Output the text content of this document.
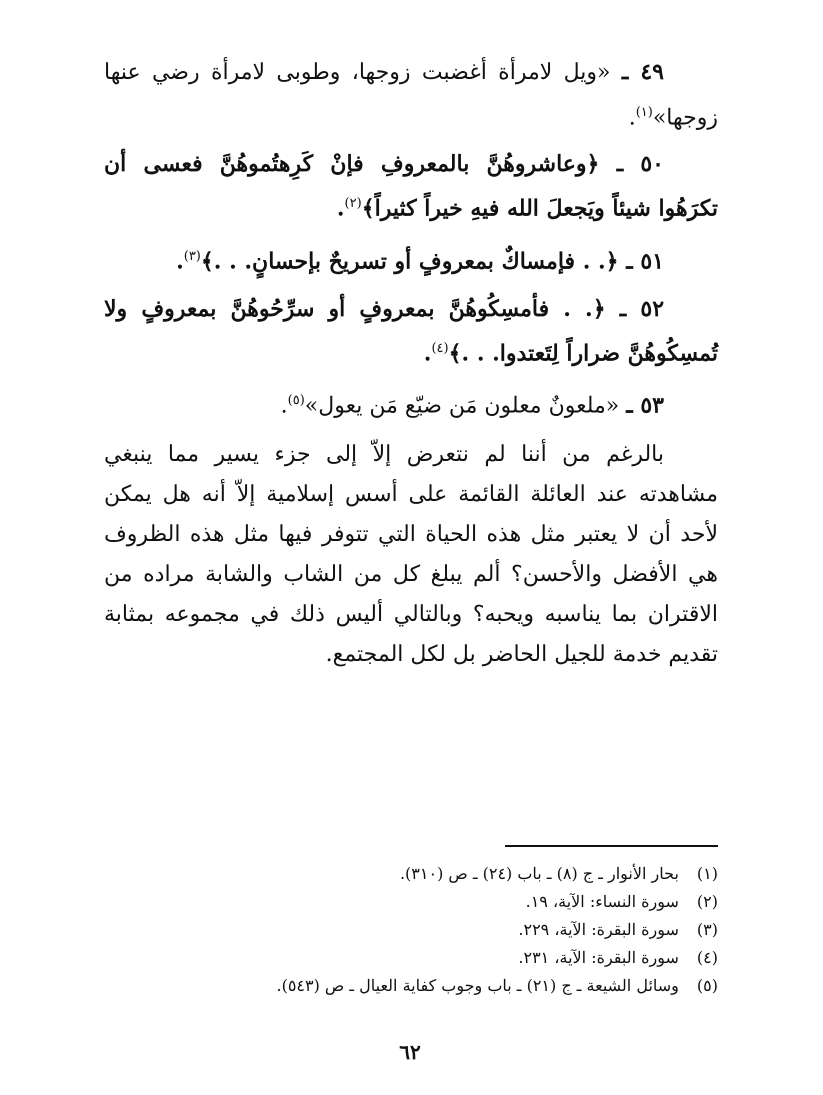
٤٩ ـ «ويل لامرأة أغضبت زوجها، وطوبى لامرأة رضي عنها زوجها»$^{(١)}$.

٥٠ ـ ﴿وعاشروهُنَّ بالمعروفِ فإنْ كَرِهتُموهُنَّ فعسى أن تكرَهُوا شيئاً ويَجعلَ الله فيهِ خيراً كثيراً﴾$^{(٢)}$.

٥١ ـ ﴿. . فإمساكٌ بمعروفٍ أو تسريحٌ بإحسانٍ. . .﴾$^{(٣)}$.

٥٢ ـ ﴿. . فأمسِكُوهُنَّ بمعروفٍ أو سرِّحُوهُنَّ بمعروفٍ ولا تُمسِكُوهُنَّ ضراراً لِتَعتدوا. . .﴾$^{(٤)}$.

٥٣ ـ «ملعونٌ معلون مَن ضيّع مَن يعول»$^{(٥)}$.

بالرغم من أننا لم نتعرض إلاّ إلى جزء يسير مما ينبغي مشاهدته عند العائلة القائمة على أسس إسلامية إلاّ أنه هل يمكن لأحد أن لا يعتبر مثل هذه الحياة التي تتوفر فيها مثل هذه الظروف هي الأفضل والأحسن؟ ألم يبلغ كل من الشاب والشابة مراده من الاقتران بما يناسبه ويحبه؟ وبالتالي أليس ذلك في مجموعه بمثابة تقديم خدمة للجيل الحاضر بل لكل المجتمع.

(١) بحار الأنوار ـ ج (٨) ـ باب (٢٤) ـ ص (٣١٠).

(٢) سورة النساء: الآية، ١٩.

(٣) سورة البقرة: الآية، ٢٢٩.

(٤) سورة البقرة: الآية، ٢٣١.

(٥) وسائل الشيعة ـ ج (٢١) ـ باب وجوب كفاية العيال ـ ص (٥٤٣).

٦٢
